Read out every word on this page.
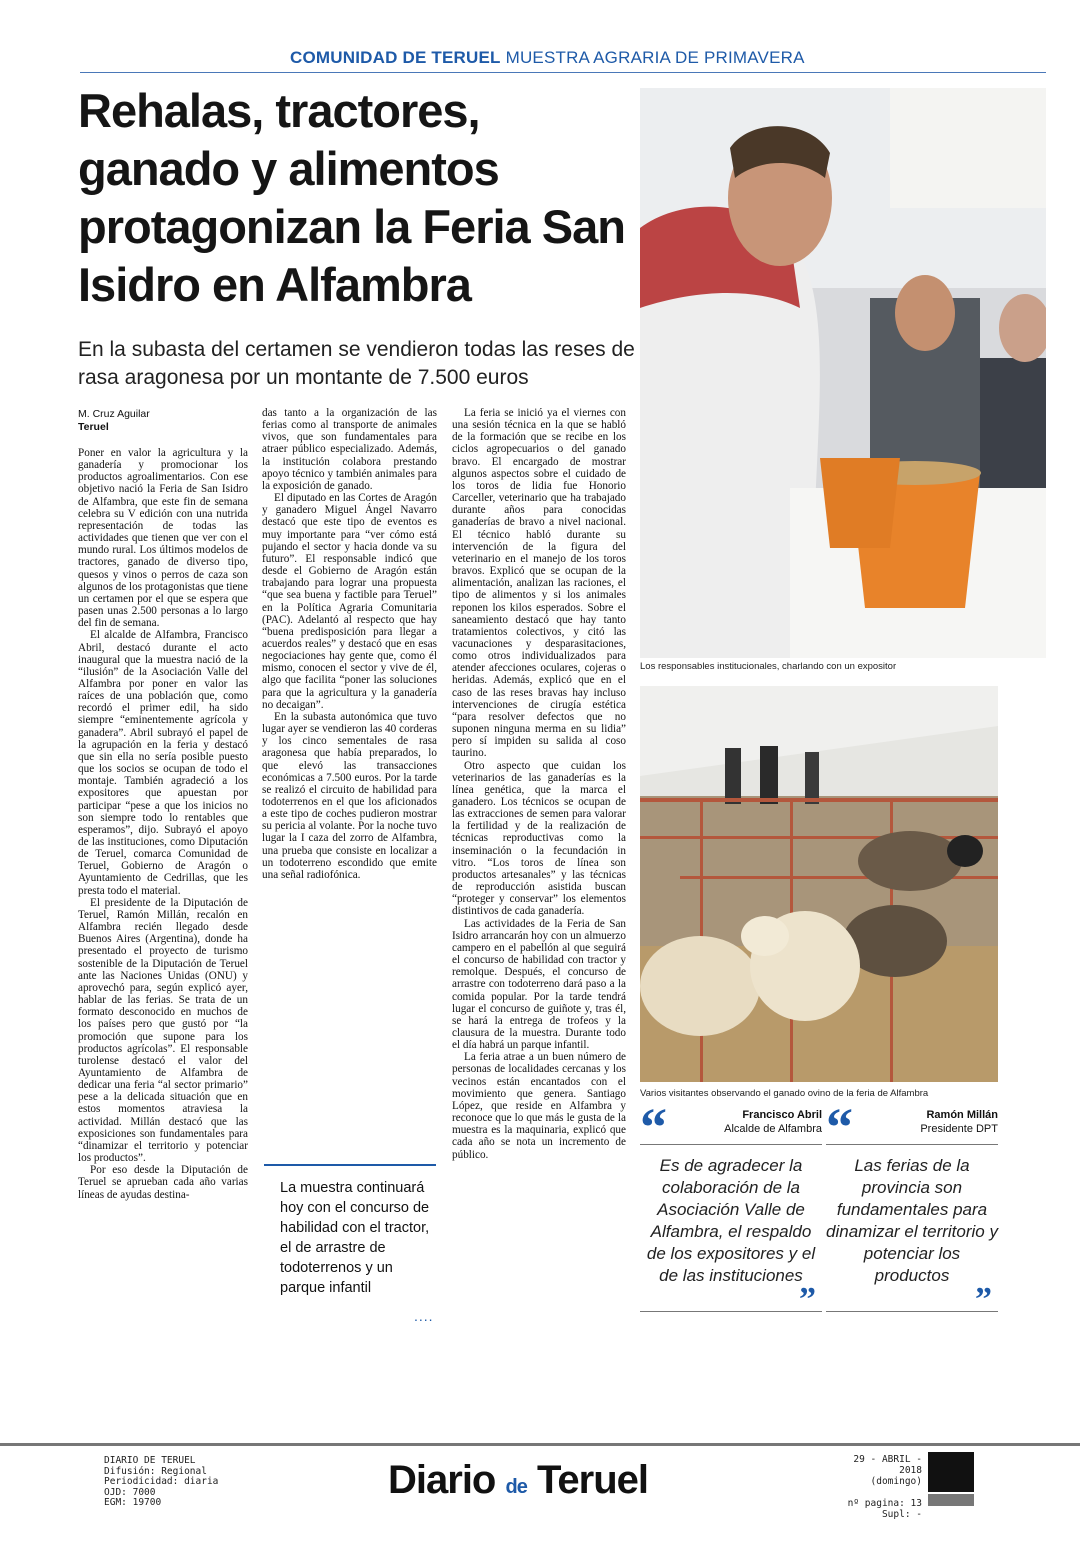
COMUNIDAD DE TERUEL MUESTRA AGRARIA DE PRIMAVERA
Rehalas, tractores, ganado y alimentos protagonizan la Feria San Isidro en Alfambra

En la subasta del certamen se vendieron todas las reses de rasa aragonesa por un montante de 7.500 euros

M. Cruz Aguilar
Teruel

Poner en valor la agricultura y la ganadería y promocionar los productos agroalimentarios. Con ese objetivo nació la Feria de San Isidro de Alfambra, que este fin de semana celebra su V edición con una nutrida representación de todas las actividades que tienen que ver con el mundo rural. Los últimos modelos de tractores, ganado de diverso tipo, quesos y vinos o perros de caza son algunos de los protagonistas que tiene un certamen por el que se espera que pasen unas 2.500 personas a lo largo del fin de semana.

El alcalde de Alfambra, Francisco Abril, destacó durante el acto inaugural que la muestra nació de la “ilusión” de la Asociación Valle del Alfambra por poner en valor las raíces de una población que, como recordó el primer edil, ha sido siempre “eminentemente agrícola y ganadera”. Abril subrayó el papel de la agrupación en la feria y destacó que sin ella no sería posible puesto que los socios se ocupan de todo el montaje. También agradeció a los expositores que apuestan por participar “pese a que los inicios no son siempre todo lo rentables que esperamos”, dijo. Subrayó el apoyo de las instituciones, como Diputación de Teruel, comarca Comunidad de Teruel, Gobierno de Aragón o Ayuntamiento de Cedrillas, que les presta todo el material.

El presidente de la Diputación de Teruel, Ramón Millán, recalón en Alfambra recién llegado desde Buenos Aires (Argentina), donde ha presentado el proyecto de turismo sostenible de la Diputación de Teruel ante las Naciones Unidas (ONU) y aprovechó para, según explicó ayer, hablar de las ferias. Se trata de un formato desconocido en muchos de los países pero que gustó por “la promoción que supone para los productos agrícolas”. El responsable turolense destacó el valor del Ayuntamiento de Alfambra de dedicar una feria “al sector primario” pese a la delicada situación que en estos momentos atraviesa la actividad. Millán destacó que las exposiciones son fundamentales para “dinamizar el territorio y potenciar los productos”.

Por eso desde la Diputación de Teruel se aprueban cada año varias líneas de ayudas destina-

das tanto a la organización de las ferias como al transporte de animales vivos, que son fundamentales para atraer público especializado. Además, la institución colabora prestando apoyo técnico y también animales para la exposición de ganado.

El diputado en las Cortes de Aragón y ganadero Miguel Ángel Navarro destacó que este tipo de eventos es muy importante para “ver cómo está pujando el sector y hacia donde va su futuro”. El responsable indicó que desde el Gobierno de Aragón están trabajando para lograr una propuesta “que sea buena y factible para Teruel” en la Política Agraria Comunitaria (PAC). Adelantó al respecto que hay “buena predisposición para llegar a acuerdos reales” y destacó que en esas negociaciones hay gente que, como él mismo, conocen el sector y vive de él, algo que facilita “poner las soluciones para que la agricultura y la ganadería no decaigan”.

En la subasta autonómica que tuvo lugar ayer se vendieron las 40 corderas y los cinco sementales de rasa aragonesa que había preparados, lo que elevó las transacciones económicas a 7.500 euros. Por la tarde se realizó el circuito de habilidad para todoterrenos en el que los aficionados a este tipo de coches pudieron mostrar su pericia al volante. Por la noche tuvo lugar la I caza del zorro de Alfambra, una prueba que consiste en localizar a un todoterreno escondido que emite una señal radiofónica.

La feria se inició ya el viernes con una sesión técnica en la que se habló de la formación que se recibe en los ciclos agropecuarios o del ganado bravo. El encargado de mostrar algunos aspectos sobre el cuidado de los toros de lidia fue Honorio Carceller, veterinario que ha trabajado durante años para conocidas ganaderías de bravo a nivel nacional. El técnico habló durante su intervención de la figura del veterinario en el manejo de los toros bravos. Explicó que se ocupan de la alimentación, analizan las raciones, el tipo de alimentos y si los animales reponen los kilos esperados. Sobre el saneamiento destacó que hay tanto tratamientos colectivos, y citó las vacunaciones y desparasitaciones, como otros individualizados para atender afecciones oculares, cojeras o heridas. Además, explicó que en el caso de las reses bravas hay incluso intervenciones de cirugía estética “para resolver defectos que no suponen ninguna merma en su lidia” pero sí impiden su salida al coso taurino.

Otro aspecto que cuidan los veterinarios de las ganaderías es la línea genética, que la marca el ganadero. Los técnicos se ocupan de las extracciones de semen para valorar la fertilidad y de la realización de técnicas reproductivas como la inseminación o la fecundación in vitro. “Los toros de línea son productos artesanales” y las técnicas de reproducción asistida buscan “proteger y conservar” los elementos distintivos de cada ganadería.

Las actividades de la Feria de San Isidro arrancarán hoy con un almuerzo campero en el pabellón al que seguirá el concurso de habilidad con tractor y remolque. Después, el concurso de arrastre con todoterreno dará paso a la comida popular. Por la tarde tendrá lugar el concurso de guiñote y, tras él, se hará la entrega de trofeos y la clausura de la muestra. Durante todo el día habrá un parque infantil.

La feria atrae a un buen número de personas de localidades cercanas y los vecinos están encantados con el movimiento que genera. Santiago López, que reside en Alfambra y reconoce que lo que más le gusta de la muestra es la maquinaria, explicó que cada año se nota un incremento de público.

La muestra continuará hoy con el concurso de habilidad con el tractor, el de arrastre de todoterrenos y un parque infantil
....
Los responsables institucionales, charlando con un expositor
Varios visitantes observando el ganado ovino de la feria de Alfambra
“	Francisco Abril
Alcalde de Alfambra
Es de agradecer la colaboración de la Asociación Valle de Alfambra, el respaldo de los expositores y el de las instituciones
”
“	Ramón Millán
Presidente DPT
Las ferias de la provincia son fundamentales para dinamizar el territorio y potenciar los productos
”
DIARIO DE TERUEL
Difusión: Regional
Periodicidad: diaria
OJD: 7000
EGM: 19700
Diario de Teruel	29 - ABRIL - 2018
(domingo)
nº pagina: 13
Supl: -
